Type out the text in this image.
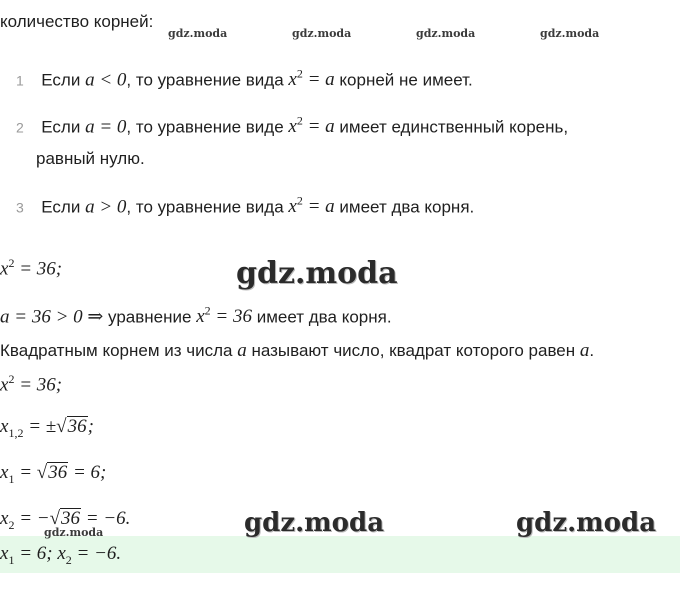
количество корней:
1 Если a < 0, то уравнение вида $x^2 = a$ корней не имеет.
2 Если a = 0, то уравнение виде $x^2 = a$ имеет единственный корень,
равный нулю.
3 Если a > 0, то уравнение вида $x^2 = a$ имеет два корня.
$x^2 = 36$;
a = 36 > 0 ⇒ уравнение $x^2 = 36$ имеет два корня.
Квадратным корнем из числа a называют число, квадрат которого равен a.
$x^2 = 36$;
$x_{1,2} = \pm√36$;
$x_1 = √36 = 6$;
$x_2 = -√36 = -6$.
$x_1 = 6$; $x_2 = -6$.
gdz.moda	gdz.moda	gdz.moda	gdz.moda
gdz.moda
gdz.moda
gdz.moda	gdz.moda
